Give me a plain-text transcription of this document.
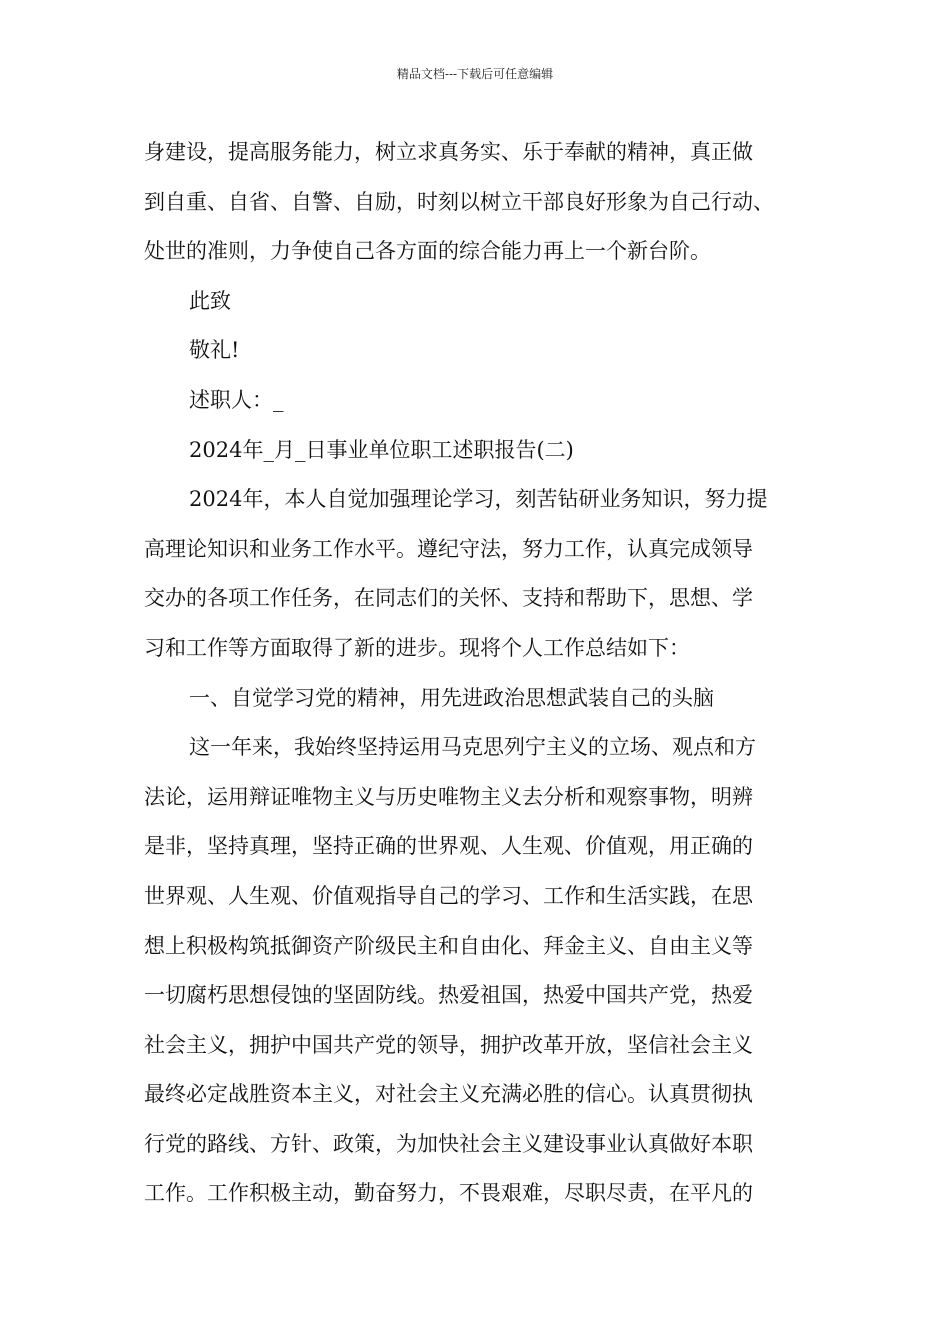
精品文档---下载后可任意编辑
身建设，提高服务能力，树立求真务实、乐于奉献的精神，真正做
到自重、自省、自警、自励，时刻以树立干部良好形象为自己行动、
处世的准则，力争使自己各方面的综合能力再上一个新台阶。
此致
敬礼!
述职人：_
2024年_月_日事业单位职工述职报告(二)
2024年，本人自觉加强理论学习，刻苦钻研业务知识，努力提
高理论知识和业务工作水平。遵纪守法，努力工作，认真完成领导
交办的各项工作任务，在同志们的关怀、支持和帮助下，思想、学
习和工作等方面取得了新的进步。现将个人工作总结如下：
一、自觉学习党的精神，用先进政治思想武装自己的头脑
这一年来，我始终坚持运用马克思列宁主义的立场、观点和方
法论，运用辩证唯物主义与历史唯物主义去分析和观察事物，明辨
是非，坚持真理，坚持正确的世界观、人生观、价值观，用正确的
世界观、人生观、价值观指导自己的学习、工作和生活实践，在思
想上积极构筑抵御资产阶级民主和自由化、拜金主义、自由主义等
一切腐朽思想侵蚀的坚固防线。热爱祖国，热爱中国共产党，热爱
社会主义，拥护中国共产党的领导，拥护改革开放，坚信社会主义
最终必定战胜资本主义，对社会主义充满必胜的信心。认真贯彻执
行党的路线、方针、政策，为加快社会主义建设事业认真做好本职
工作。工作积极主动，勤奋努力，不畏艰难，尽职尽责，在平凡的
